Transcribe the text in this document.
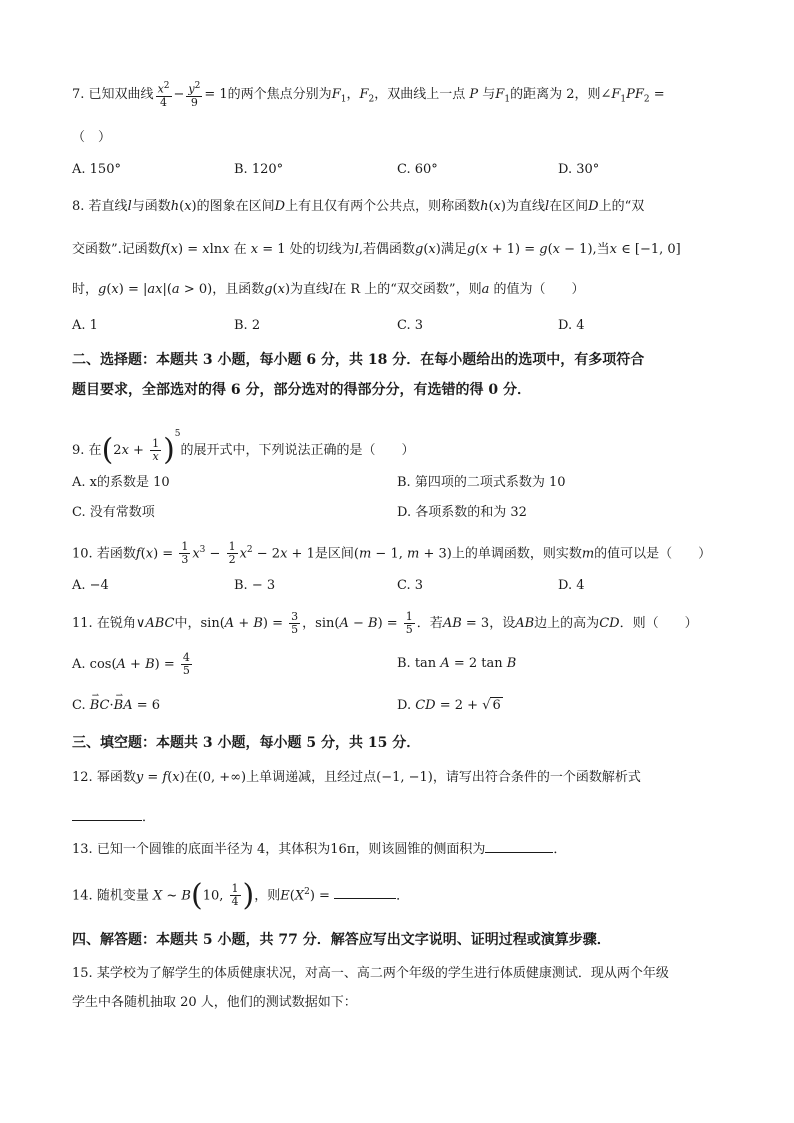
7. 已知双曲线 $\frac{x^2}{4} - \frac{y^2}{9} = 1$的两个焦点分别为$F_1$，$F_2$，双曲线上一点 P 与$F_1$的距离为 2，则$\angle F_1PF_2$ =
（　）
A. 150°	B. 120°	C. 60°	D. 30°
8. 若直线l与函数h(x)的图象在区间D上有且仅有两个公共点，则称函数h(x)为直线l在区间D上的“双
交函数”.记函数f(x) = xlnx 在 x = 1 处的切线为l,若偶函数g(x)满足g(x + 1) = g(x − 1),当x ∈ [−1, 0]
时，g(x) = |ax|(a > 0)，且函数g(x)为直线l在 R 上的“双交函数”，则a 的值为（　　）
A. 1	B. 2	C. 3	D. 4
二、选择题：本题共 3 小题，每小题 6 分，共 18 分．在每小题给出的选项中，有多项符合
题目要求，全部选对的得 6 分，部分选对的得部分分，有选错的得 0 分．
9. 在$(2x + \frac{1}{x} )^5$的展开式中，下列说法正确的是（　　）
A. x的系数是 10	B. 第四项的二项式系数为 10
C. 没有常数项	D. 各项系数的和为 32
10. 若函数$f(x) = \frac{1}{3} x^3 - \frac{1}{2} x^2 - 2x + 1$是区间(m − 1, m + 3)上的单调函数，则实数m的值可以是（　　）
A. −4	B. − 3	C. 3	D. 4
11. 在锐角∨ABC中，$\sin(A + B) = \frac{3}{5}$ ，$\sin(A - B) = \frac{1}{5}$ ．若AB = 3，设AB边上的高为CD．则（　　）
A. $\cos(A + B) = \frac{4}{5}$	B. tan A = 2 tan B
C. ⇀ BC·⇀ BA = 6	D. CD = 2 + √ 6
三、填空题：本题共 3 小题，每小题 5 分，共 15 分．
12. 幂函数y = f(x)在(0, +∞)上单调递减，且经过点(−1, −1)，请写出符合条件的一个函数解析式
．
13. 已知一个圆锥的底面半径为 4，其体积为16π，则该圆锥的侧面积为	．
14. 随机变量 X ~ B(10, $\frac{1}{4}$ )，则$E(X^2)$ =	．
四、解答题：本题共 5 小题，共 77 分．解答应写出文字说明、证明过程或演算步骤．
15. 某学校为了解学生的体质健康状况，对高一、高二两个年级的学生进行体质健康测试．现从两个年级
学生中各随机抽取 20 人，他们的测试数据如下：
